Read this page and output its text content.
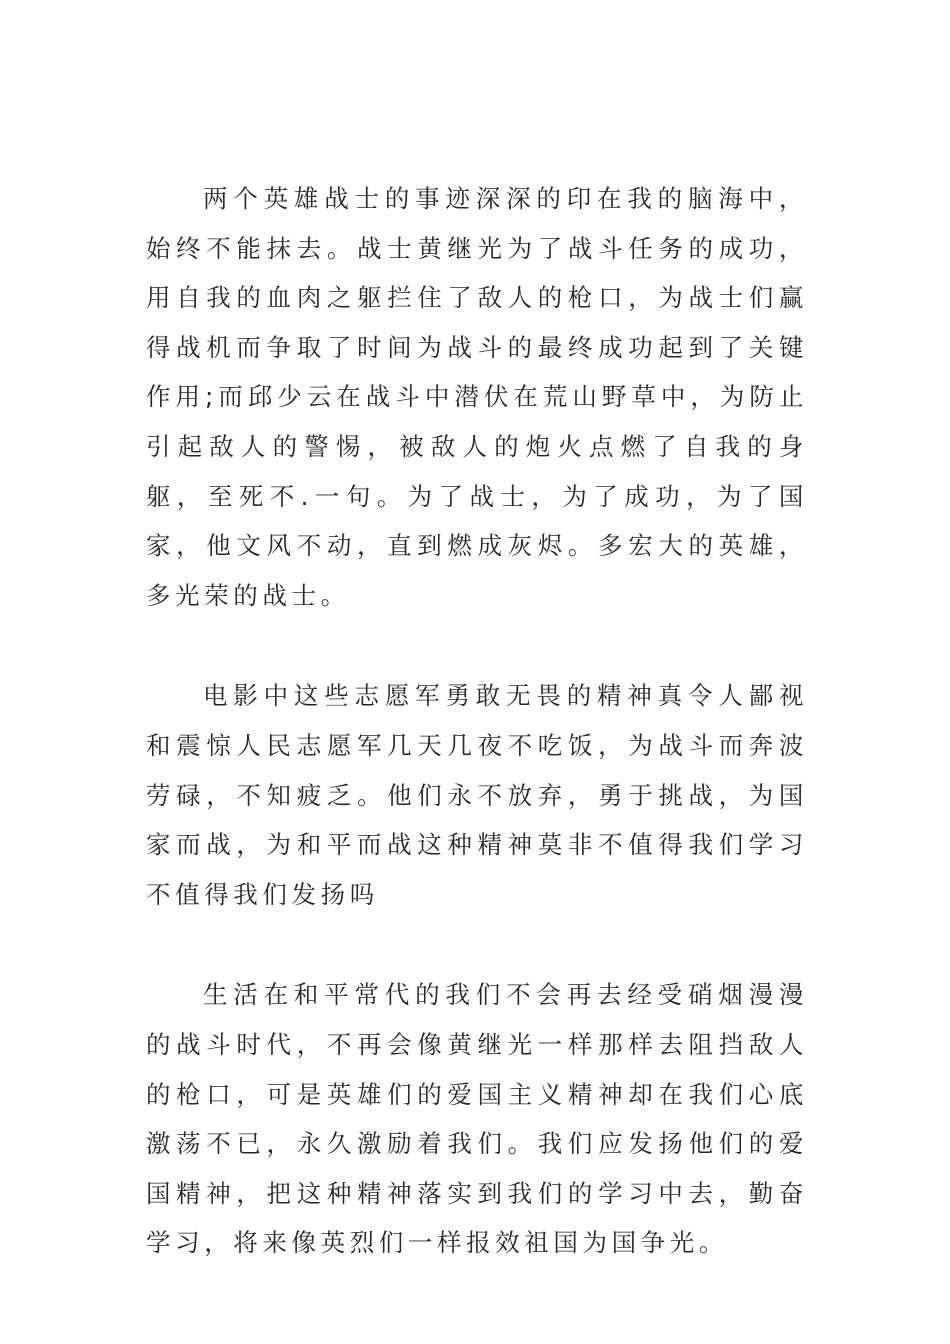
两个英雄战士的事迹深深的印在我的脑海中，始终不能抹去。战士黄继光为了战斗任务的成功，用自我的血肉之躯拦住了敌人的枪口，为战士们赢得战机而争取了时间为战斗的最终成功起到了关键作用;而邱少云在战斗中潜伏在荒山野草中，为防止引起敌人的警惕，被敌人的炮火点燃了自我的身躯，至死不.一句。为了战士，为了成功，为了国家，他文风不动，直到燃成灰烬。多宏大的英雄，多光荣的战士。

电影中这些志愿军勇敢无畏的精神真令人鄙视和震惊人民志愿军几天几夜不吃饭，为战斗而奔波劳碌，不知疲乏。他们永不放弃，勇于挑战，为国家而战，为和平而战这种精神莫非不值得我们学习不值得我们发扬吗

生活在和平常代的我们不会再去经受硝烟漫漫的战斗时代，不再会像黄继光一样那样去阻挡敌人的枪口，可是英雄们的爱国主义精神却在我们心底激荡不已，永久激励着我们。我们应发扬他们的爱国精神，把这种精神落实到我们的学习中去，勤奋学习，将来像英烈们一样报效祖国为国争光。
